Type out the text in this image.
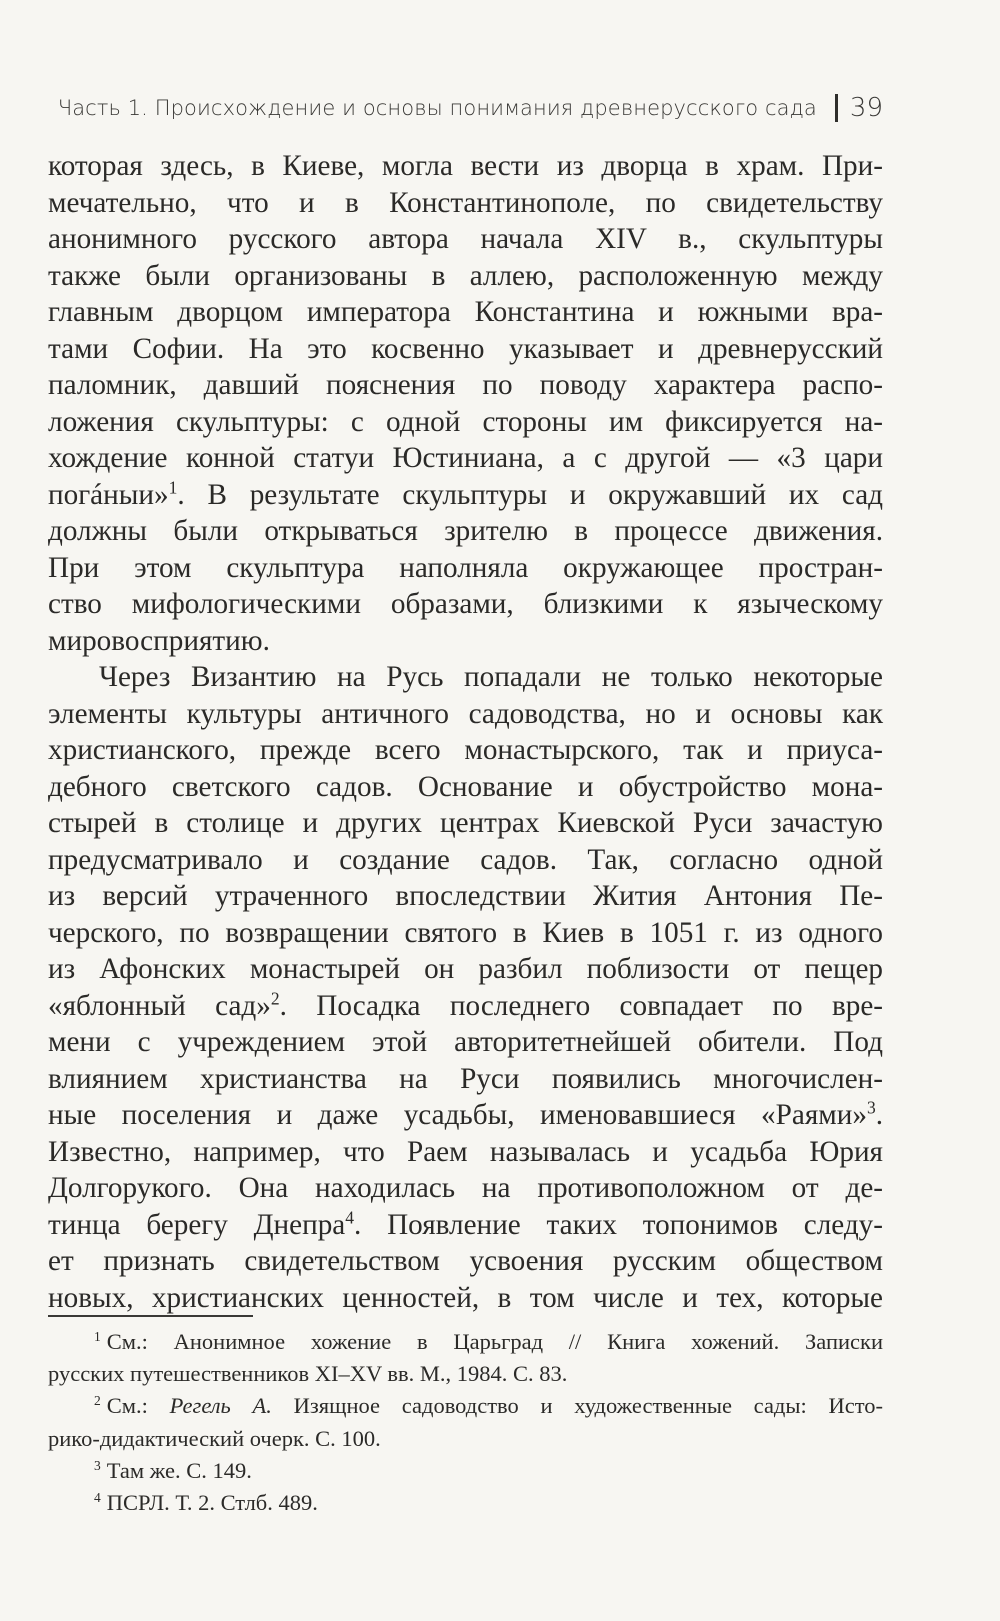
Часть 1. Происхождение и основы понимания древнерусского сада 39
которая здесь, в Киеве, могла вести из дворца в храм. При-
мечательно, что и в Константинополе, по свидетельству
анонимного русского автора начала XIV в., скульптуры
также были организованы в аллею, расположенную между
главным дворцом императора Константина и южными вра-
тами Софии. На это косвенно указывает и древнерусский
паломник, давший пояснения по поводу характера распо-
ложения скульптуры: с одной стороны им фиксируется на-
хождение конной статуи Юстиниана, а с другой — «3 цари
погáныи»$^1$. В результате скульптуры и окружавший их сад
должны были открываться зрителю в процессе движения.
При этом скульптура наполняла окружающее простран-
ство мифологическими образами, близкими к языческому
мировосприятию.
Через Византию на Русь попадали не только некоторые
элементы культуры античного садоводства, но и основы как
христианского, прежде всего монастырского, так и приуса-
дебного светского садов. Основание и обустройство мона-
стырей в столице и других центрах Киевской Руси зачастую
предусматривало и создание садов. Так, согласно одной
из версий утраченного впоследствии Жития Антония Пе-
черского, по возвращении святого в Киев в 1051 г. из одного
из Афонских монастырей он разбил поблизости от пещер
«яблонный сад»$^2$. Посадка последнего совпадает по вре-
мени с учреждением этой авторитетнейшей обители. Под
влиянием христианства на Руси появились многочислен-
ные поселения и даже усадьбы, именовавшиеся «Раями»$^3$.
Известно, например, что Раем называлась и усадьба Юрия
Долгорукого. Она находилась на противоположном от де-
тинца берегу Днепра$^4$. Появление таких топонимов следу-
ет признать свидетельством усвоения русским обществом
новых, христианских ценностей, в том числе и тех, которые
$^1$ См.: Анонимное хожение в Царьград // Книга хожений. Записки
русских путешественников XI–XV вв. М., 1984. С. 83.
$^2$ См.: Регель А. Изящное садоводство и художественные сады: Исто-
рико-дидактический очерк. С. 100.
$^3$ Там же. С. 149.
$^4$ ПСРЛ. Т. 2. Стлб. 489.
